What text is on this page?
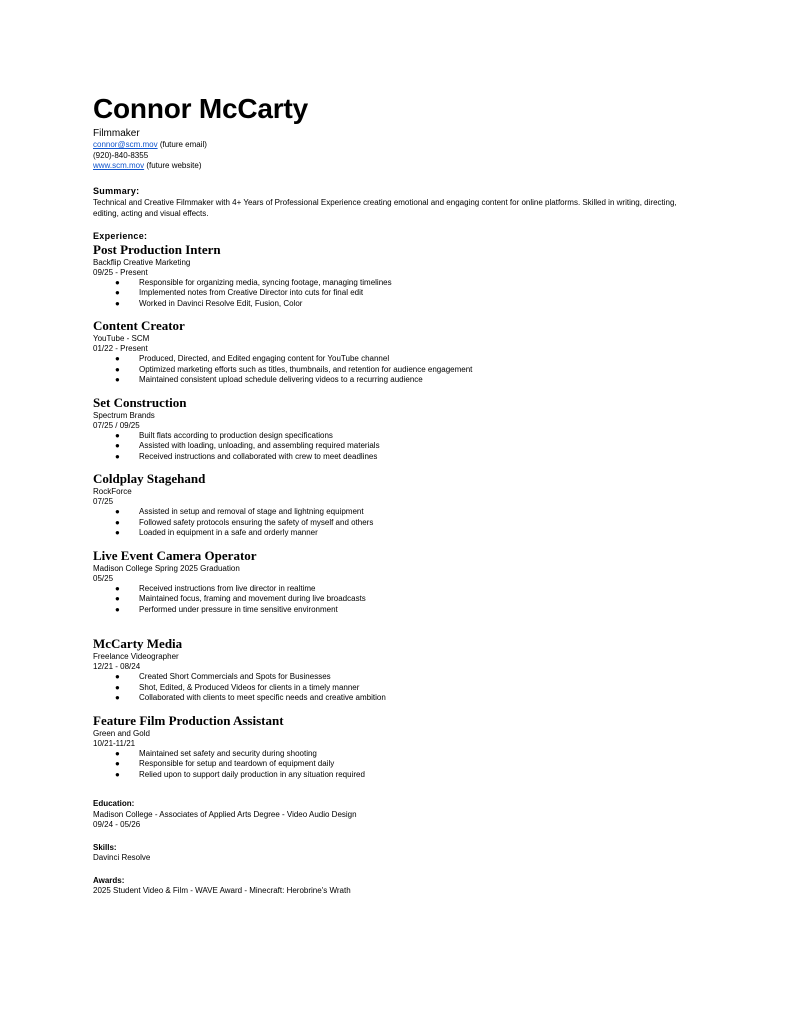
Connor McCarty
Filmmaker
connor@scm.mov (future email)
(920)-840-8355
www.scm.mov (future website)
Summary:
Technical and Creative Filmmaker with 4+ Years of Professional Experience creating emotional and engaging content for online platforms. Skilled in writing, directing, editing, acting and visual effects.
Experience:
Post Production Intern
Backflip Creative Marketing
09/25 - Present
● Responsible for organizing media, syncing footage, managing timelines
● Implemented notes from Creative Director into cuts for final edit
● Worked in Davinci Resolve Edit, Fusion, Color
Content Creator
YouTube - SCM
01/22 - Present
● Produced, Directed, and Edited engaging content for YouTube channel
● Optimized marketing efforts such as titles, thumbnails, and retention for audience engagement
● Maintained consistent upload schedule delivering videos to a recurring audience
Set Construction
Spectrum Brands
07/25 / 09/25
● Built flats according to production design specifications
● Assisted with loading, unloading, and assembling required materials
● Received instructions and collaborated with crew to meet deadlines
Coldplay Stagehand
RockForce
07/25
● Assisted in setup and removal of stage and lightning equipment
● Followed safety protocols ensuring the safety of myself and others
● Loaded in equipment in a safe and orderly manner
Live Event Camera Operator
Madison College Spring 2025 Graduation
05/25
● Received instructions from live director in realtime
● Maintained focus, framing and movement during live broadcasts
● Performed under pressure in time sensitive environment
McCarty Media
Freelance Videographer
12/21 - 08/24
● Created Short Commercials and Spots for Businesses
● Shot, Edited, & Produced Videos for clients in a timely manner
● Collaborated with clients to meet specific needs and creative ambition
Feature Film Production Assistant
Green and Gold
10/21-11/21
● Maintained set safety and security during shooting
● Responsible for setup and teardown of equipment daily
● Relied upon to support daily production in any situation required
Education:
Madison College - Associates of Applied Arts Degree - Video Audio Design
09/24 - 05/26
Skills:
Davinci Resolve
Awards:
2025 Student Video & Film - WAVE Award - Minecraft: Herobrine's Wrath
